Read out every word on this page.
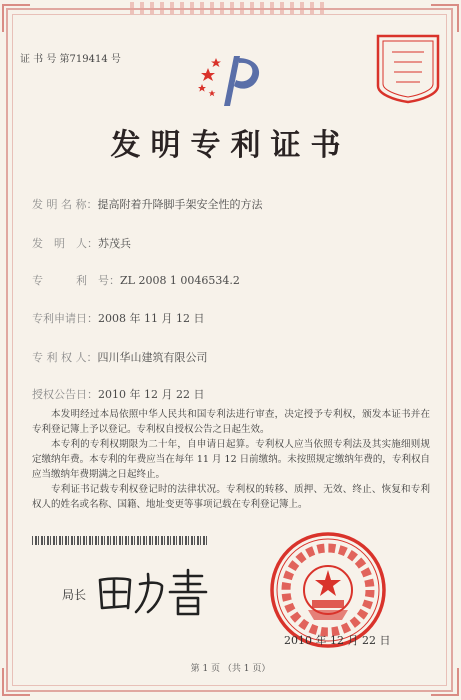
证 书 号 第719414 号
发明专利证书
发 明 名 称：提高附着升降脚手架安全性的方法
发　明　人：苏茂兵
专　　　利　号：ZL 2008 1 0046534.2
专利申请日：2008 年 11 月 12 日
专 利 权 人：四川华山建筑有限公司
授权公告日：2010 年 12 月 22 日

本发明经过本局依照中华人民共和国专利法进行审查，决定授予专利权，颁发本证书并在专利登记簿上予以登记。专利权自授权公告之日起生效。

本专利的专利权期限为二十年，自申请日起算。专利权人应当依照专利法及其实施细则规定缴纳年费。本专利的年费应当在每年 11 月 12 日前缴纳。未按照规定缴纳年费的，专利权自应当缴纳年费期满之日起终止。

专利证书记载专利权登记时的法律状况。专利权的转移、质押、无效、终止、恢复和专利权人的姓名或名称、国籍、地址变更等事项记载在专利登记簿上。

局长
2010 年 12 月 22 日
第 1 页 （共 1 页）
